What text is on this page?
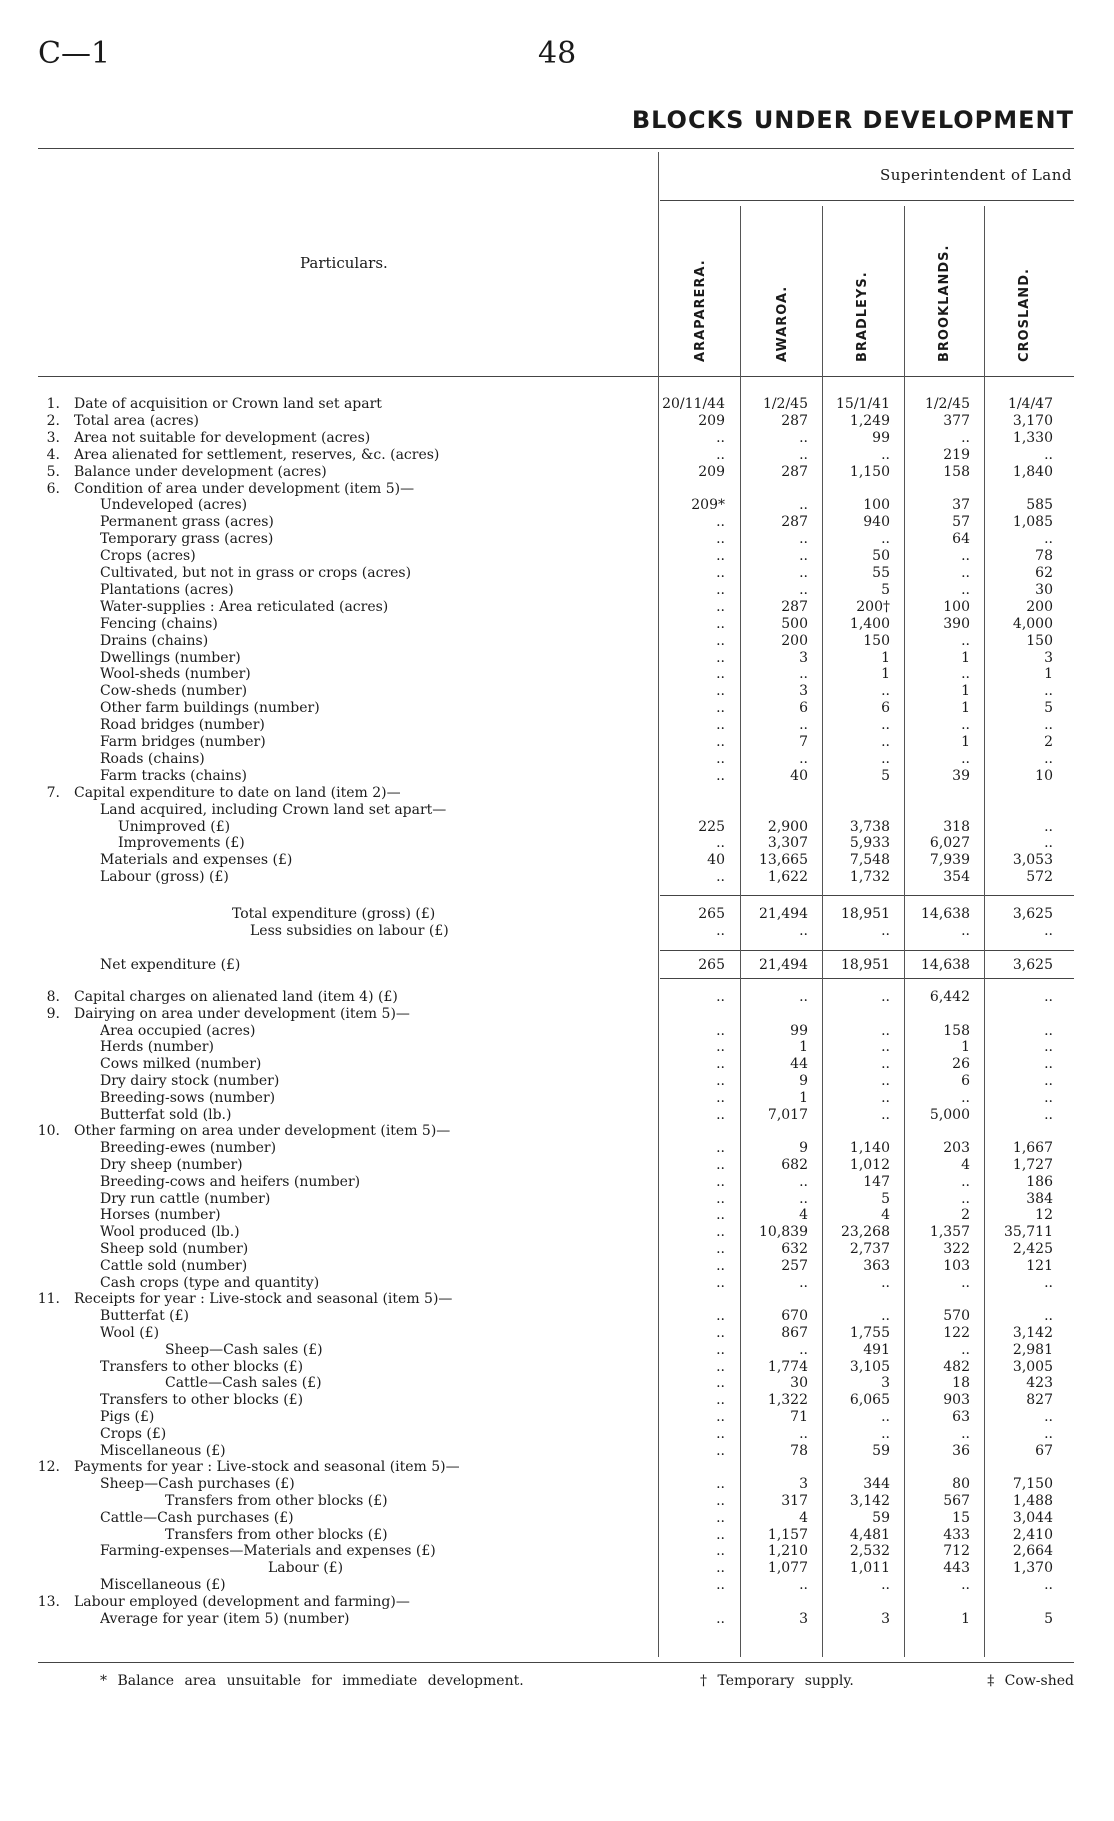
C—1	48
BLOCKS UNDER DEVELOPMENT
Superintendent of Land
Particulars.	ARAPARERA.	AWAROA.	BRADLEYS.	BROOKLANDS.	CROSLAND.
1. Date of acquisition or Crown land set apart	20/11/44	1/2/45	15/1/41	1/2/45	1/4/47
2. Total area (acres)	209	287	1,249	377	3,170
3. Area not suitable for development (acres)	..	..	99	..	1,330
4. Area alienated for settlement, reserves, &c. (acres)	..	..	..	219	..
5. Balance under development (acres)	209	287	1,150	158	1,840
6. Condition of area under development (item 5)—
Undeveloped (acres)	209*	..	100	37	585
Permanent grass (acres)	..	287	940	57	1,085
Temporary grass (acres)	..	..	..	64	..
Crops (acres)	..	..	50	..	78
Cultivated, but not in grass or crops (acres)	..	..	55	..	62
Plantations (acres)	..	..	5	..	30
Water-supplies : Area reticulated (acres)	..	287	200†	100	200
Fencing (chains)	..	500	1,400	390	4,000
Drains (chains)	..	200	150	..	150
Dwellings (number)	..	3	1	1	3
Wool-sheds (number)	..	..	1	..	1
Cow-sheds (number)	..	3	..	1	..
Other farm buildings (number)	..	6	6	1	5
Road bridges (number)	..	..	..	..	..
Farm bridges (number)	..	7	..	1	2
Roads (chains)	..	..	..	..	..
Farm tracks (chains)	..	40	5	39	10
7. Capital expenditure to date on land (item 2)—
Land acquired, including Crown land set apart—
Unimproved (£)	225	2,900	3,738	318	..
Improvements (£)	..	3,307	5,933	6,027	..
Materials and expenses (£)	40	13,665	7,548	7,939	3,053
Labour (gross) (£)	..	1,622	1,732	354	572
Total expenditure (gross) (£)	265	21,494	18,951	14,638	3,625
Less subsidies on labour (£)	..	..	..	..	..
Net expenditure (£)	265	21,494	18,951	14,638	3,625
8. Capital charges on alienated land (item 4) (£)	..	..	..	6,442	..
9. Dairying on area under development (item 5)—
Area occupied (acres)	..	99	..	158	..
Herds (number)	..	1	..	1	..
Cows milked (number)	..	44	..	26	..
Dry dairy stock (number)	..	9	..	6	..
Breeding-sows (number)	..	1	..	..	..
Butterfat sold (lb.)	..	7,017	..	5,000	..
10. Other farming on area under development (item 5)—
Breeding-ewes (number)	..	9	1,140	203	1,667
Dry sheep (number)	..	682	1,012	4	1,727
Breeding-cows and heifers (number)	..	..	147	..	186
Dry run cattle (number)	..	..	5	..	384
Horses (number)	..	4	4	2	12
Wool produced (lb.)	..	10,839	23,268	1,357	35,711
Sheep sold (number)	..	632	2,737	322	2,425
Cattle sold (number)	..	257	363	103	121
Cash crops (type and quantity)	..	..	..	..	..
11. Receipts for year : Live-stock and seasonal (item 5)—
Butterfat (£)	..	670	..	570	..
Wool (£)	..	867	1,755	122	3,142
Sheep—Cash sales (£)	..	..	491	..	2,981
Transfers to other blocks (£)	..	1,774	3,105	482	3,005
Cattle—Cash sales (£)	..	30	3	18	423
Transfers to other blocks (£)	..	1,322	6,065	903	827
Pigs (£)	..	71	..	63	..
Crops (£)	..	..	..	..	..
Miscellaneous (£)	..	78	59	36	67
12. Payments for year : Live-stock and seasonal (item 5)—
Sheep—Cash purchases (£)	..	3	344	80	7,150
Transfers from other blocks (£)	..	317	3,142	567	1,488
Cattle—Cash purchases (£)	..	4	59	15	3,044
Transfers from other blocks (£)	..	1,157	4,481	433	2,410
Farming-expenses—Materials and expenses (£)	..	1,210	2,532	712	2,664
Labour (£)	..	1,077	1,011	443	1,370
Miscellaneous (£)	..	..	..	..	..
13. Labour employed (development and farming)—
Average for year (item 5) (number)	..	3	3	1	5
* Balance area unsuitable for immediate development.	† Temporary supply.	‡ Cow-shed
